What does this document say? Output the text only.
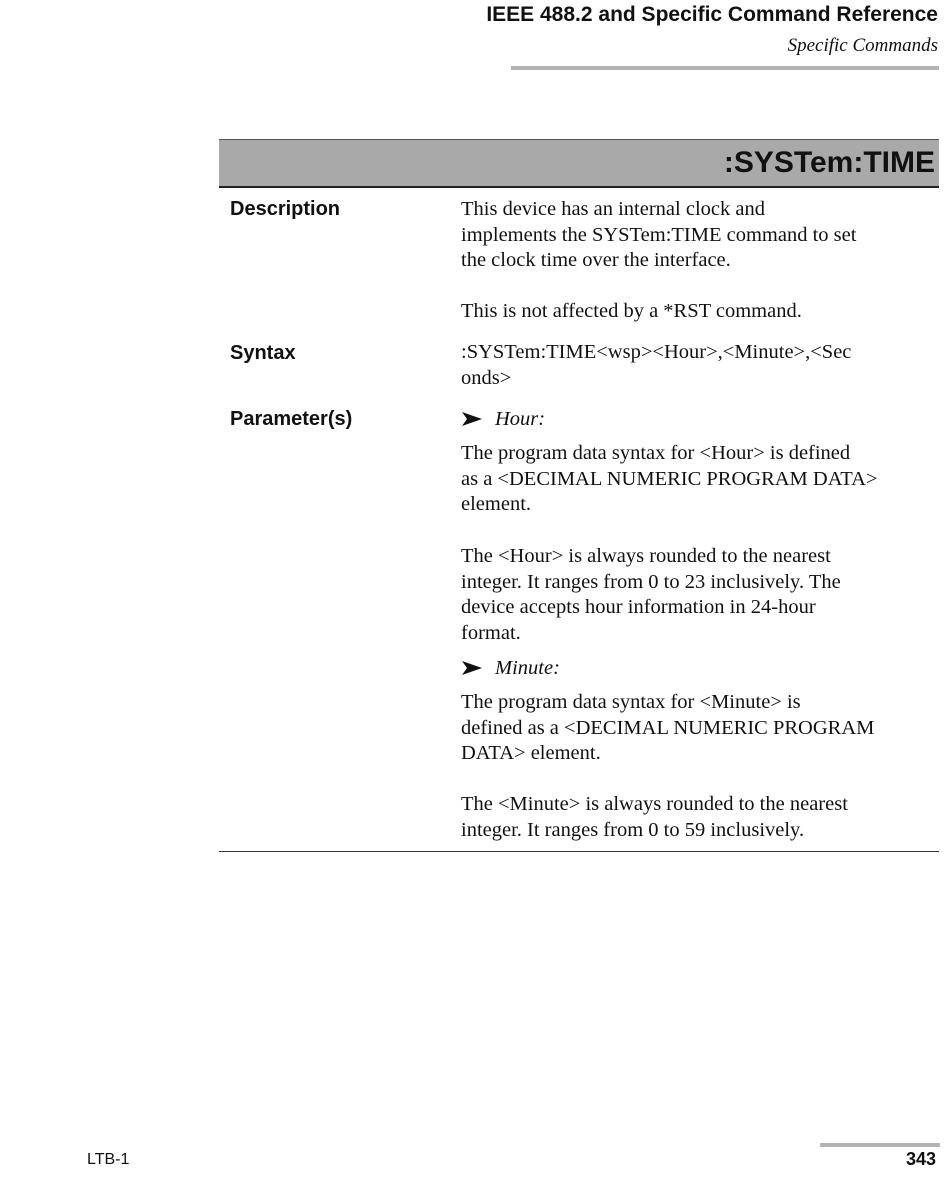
IEEE 488.2 and Specific Command Reference
Specific Commands
:SYSTem:TIME
Description	This device has an internal clock and
implements the SYSTem:TIME command to set
the clock time over the interface.
This is not affected by a *RST command.
Syntax	:SYSTem:TIME<wsp><Hour>,<Minute>,<Sec
onds>
Parameter(s)	Hour:
The program data syntax for <Hour> is defined
as a <DECIMAL NUMERIC PROGRAM DATA>
element.
The <Hour> is always rounded to the nearest
integer. It ranges from 0 to 23 inclusively. The
device accepts hour information in 24-hour
format.
Minute:
The program data syntax for <Minute> is
defined as a <DECIMAL NUMERIC PROGRAM
DATA> element.
The <Minute> is always rounded to the nearest
integer. It ranges from 0 to 59 inclusively.
LTB-1	343
